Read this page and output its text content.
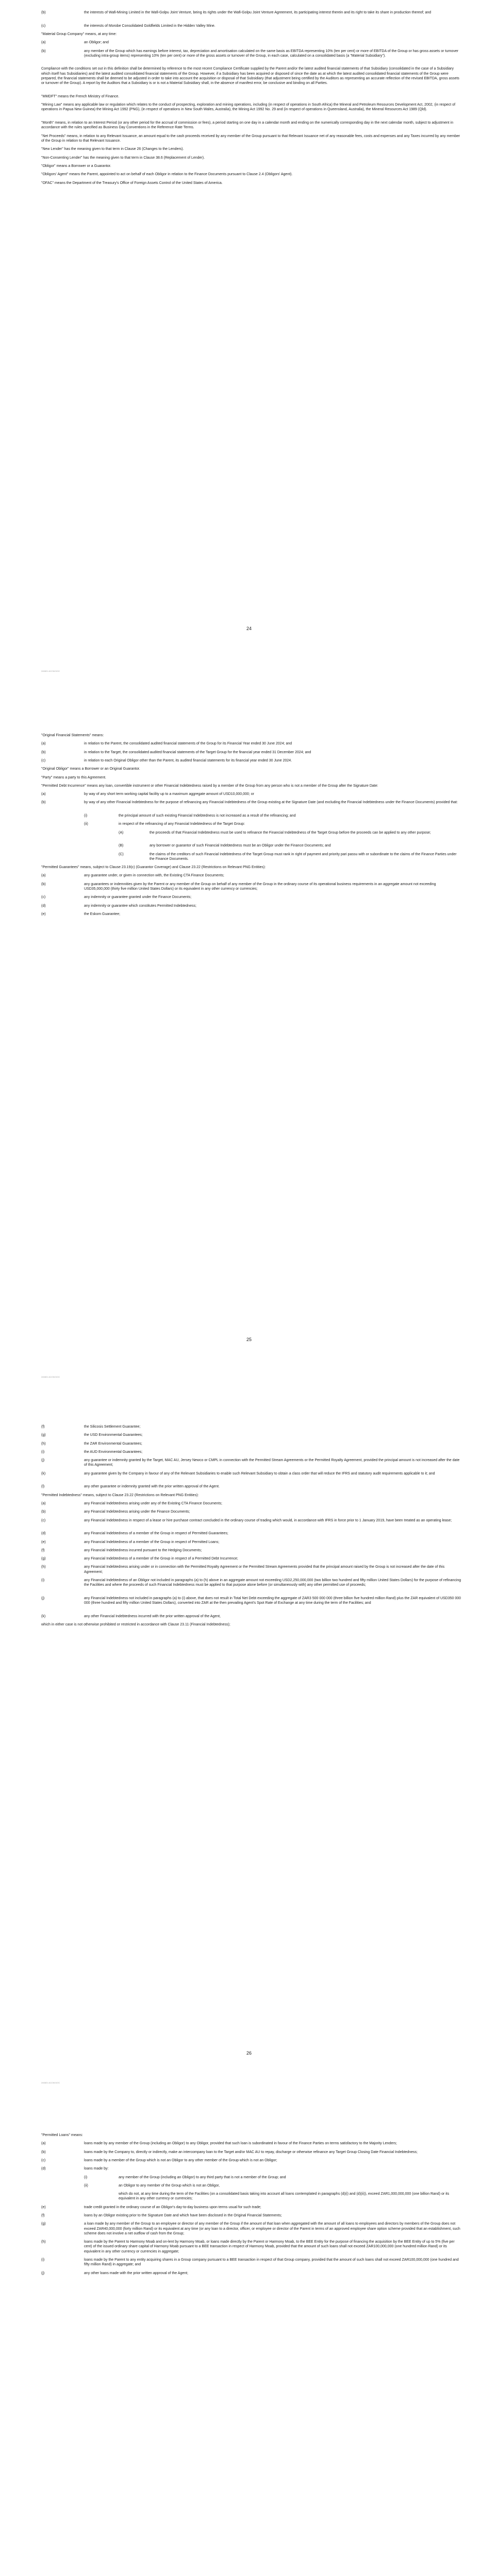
(b)	the interests of Wafi-Mining Limited in the Wafi-Golpu Joint Venture, being its rights under the Wafi-Golpu Joint Venture Agreement, its participating interest therein and its right to take its share in production thereof; and
(c)	the interests of Morobe Consolidated Goldfields Limited in the Hidden Valley Mine.
"Material Group Company" means, at any time:
(a)	an Obligor; and
(b)	any member of the Group which has earnings before interest, tax, depreciation and amortisation calculated on the same basis as EBITDA representing 10% (ten per cent) or more of EBITDA of the Group or has gross assets or turnover (excluding intra-group items) representing 10% (ten per cent) or more of the gross assets or turnover of the Group, in each case, calculated on a consolidated basis (a "Material Subsidiary").
Compliance with the conditions set out in this definition shall be determined by reference to the most recent Compliance Certificate supplied by the Parent and/or the latest audited financial statements of that Subsidiary (consolidated in the case of a Subsidiary which itself has Subsidiaries) and the latest audited consolidated financial statements of the Group. However, if a Subsidiary has been acquired or disposed of since the date as at which the latest audited consolidated financial statements of the Group were prepared, the financial statements shall be deemed to be adjusted in order to take into account the acquisition or disposal of that Subsidiary (that adjustment being certified by the Auditors as representing an accurate reflection of the revised EBITDA, gross assets or turnover of the Group). A report by the Auditors that a Subsidiary is or is not a Material Subsidiary shall, in the absence of manifest error, be conclusive and binding on all Parties.
"MMDFT" means the French Ministry of Finance.
"Mining Law" means any applicable law or regulation which relates to the conduct of prospecting, exploration and mining operations, including (in respect of operations in South Africa) the Mineral and Petroleum Resources Development Act, 2002, (in respect of operations in Papua New Guinea) the Mining Act 1992 (PNG), (in respect of operations in New South Wales, Australia), the Mining Act 1992 No. 29 and (in respect of operations in Queensland, Australia), the Mineral Resources Act 1989 (Qld).
"Month" means, in relation to an Interest Period (or any other period for the accrual of commission or fees), a period starting on one day in a calendar month and ending on the numerically corresponding day in the next calendar month, subject to adjustment in accordance with the rules specified as Business Day Conventions in the Reference Rate Terms.
"Net Proceeds" means, in relation to any Relevant Issuance, an amount equal to the cash proceeds received by any member of the Group pursuant to that Relevant Issuance net of any reasonable fees, costs and expenses and any Taxes incurred by any member of the Group in relation to that Relevant Issuance.
"New Lender" has the meaning given to that term in Clause 26 (Changes to the Lenders).
"Non-Consenting Lender" has the meaning given to that term in Clause 38.6 (Replacement of Lender).
"Obligor" means a Borrower or a Guarantor.
"Obligors' Agent" means the Parent, appointed to act on behalf of each Obligor in relation to the Finance Documents pursuant to Clause 2.4 (Obligors' Agent).
"OFAC" means the Department of the Treasury's Office of Foreign Assets Control of the United States of America.
24
240821 ACCW.DOC
"Original Financial Statements" means:
(a)	in relation to the Parent, the consolidated audited financial statements of the Group for its Financial Year ended 30 June 2024; and
(b)	in relation to the Target, the consolidated audited financial statements of the Target Group for the financial year ended 31 December 2024; and
(c)	in relation to each Original Obligor other than the Parent, its audited financial statements for its financial year ended 30 June 2024.
"Original Obligor" means a Borrower or an Original Guarantor.
"Party" means a party to this Agreement.
"Permitted Debt Incurrence" means any loan, convertible instrument or other Financial Indebtedness raised by a member of the Group from any person who is not a member of the Group after the Signature Date:
(a)	by way of any short term working capital facility up to a maximum aggregate amount of USD10,000,000; or
(b)	by way of any other Financial Indebtedness for the purpose of refinancing any Financial Indebtedness of the Group existing at the Signature Date (and excluding the Financial Indebtedness under the Finance Documents) provided that:
(i)	the principal amount of such existing Financial Indebtedness is not increased as a result of the refinancing; and
(ii)	in respect of the refinancing of any Financial Indebtedness of the Target Group:
(A)	the proceeds of that Financial Indebtedness must be used to refinance the Financial Indebtedness of the Target Group before the proceeds can be applied to any other purpose;
(B)	any borrower or guarantor of such Financial Indebtedness must be an Obligor under the Finance Documents; and
(C)	the claims of the creditors of such Financial Indebtedness of the Target Group must rank in right of payment and priority pari passu with or subordinate to the claims of the Finance Parties under the Finance Documents.
"Permitted Guarantees" means, subject to Clause 23.19(c) (Guarantor Coverage) and Clause 23.22 (Restrictions on Relevant PNG Entities):
(a)	any guarantee under, or given in connection with, the Existing CTA Finance Documents;
(b)	any guarantees or indemnities given by the Parent or any member of the Group on behalf of any member of the Group in the ordinary course of its operational business requirements in an aggregate amount not exceeding USD35,000,000 (thirty five million United States Dollars) or its equivalent in any other currency or currencies;
(c)	any indemnity or guarantee granted under the Finance Documents;
(d)	any indemnity or guarantee which constitutes Permitted Indebtedness;
(e)	the Eskom Guarantee;
25
240821 ACCW.DOC
(f)	the Silicosis Settlement Guarantee;
(g)	the USD Environmental Guarantees;
(h)	the ZAR Environmental Guarantees;
(i)	the AUD Environmental Guarantees;
(j)	any guarantee or indemnity granted by the Target, MAC AU, Jersey Newco or CMPL in connection with the Permitted Stream Agreements or the Permitted Royalty Agreement, provided the principal amount is not increased after the date of this Agreement;
(k)	any guarantee given by the Company in favour of any of the Relevant Subsidiaries to enable such Relevant Subsidiary to obtain a class order that will reduce the IFRS and statutory audit requirements applicable to it; and
(l)	any other guarantee or indemnity granted with the prior written approval of the Agent.
"Permitted Indebtedness" means, subject to Clause 23.22 (Restrictions on Relevant PNG Entities):
(a)	any Financial Indebtedness arising under any of the Existing CTA Finance Documents;
(b)	any Financial Indebtedness arising under the Finance Documents;
(c)	any Financial Indebtedness in respect of a lease or hire purchase contract concluded in the ordinary course of trading which would, in accordance with IFRS in force prior to 1 January 2019, have been treated as an operating lease;
(d)	any Financial Indebtedness of a member of the Group in respect of Permitted Guarantees;
(e)	any Financial Indebtedness of a member of the Group in respect of Permitted Loans;
(f)	any Financial Indebtedness incurred pursuant to the Hedging Documents;
(g)	any Financial Indebtedness of a member of the Group in respect of a Permitted Debt Incurrence;
(h)	any Financial Indebtedness arising under or in connection with the Permitted Royalty Agreement or the Permitted Stream Agreements provided that the principal amount raised by the Group is not increased after the date of this Agreement;
(i)	any Financial Indebtedness of an Obligor not included in paragraphs (a) to (h) above in an aggregate amount not exceeding USD2,250,000,000 (two billion two hundred and fifty million United States Dollars) for the purpose of refinancing the Facilities and where the proceeds of such Financial Indebtedness must be applied to that purpose alone before (or simultaneously with) any other permitted use of proceeds;
(j)	any Financial Indebtedness not included in paragraphs (a) to (i) above, that does not result in Total Net Debt exceeding the aggregate of ZAR3 500 000 000 (three billion five hundred million Rand) plus the ZAR equivalent of USD350 000 000 (three hundred and fifty million United States Dollars), converted into ZAR at the then prevailing Agent's Spot Rate of Exchange at any time during the term of the Facilities; and
(k)	any other Financial Indebtedness incurred with the prior written approval of the Agent,
which in either case is not otherwise prohibited or restricted in accordance with Clause 23.11 (Financial Indebtedness);
26
240821 ACCW.DOC
"Permitted Loans" means:
(a)	loans made by any member of the Group (including an Obligor) to any Obligor, provided that such loan is subordinated in favour of the Finance Parties on terms satisfactory to the Majority Lenders;
(b)	loans made by the Company to, directly or indirectly, make an intercompany loan to the Target and/or MAC AU to repay, discharge or otherwise refinance any Target Group Closing Date Financial Indebtedness;
(c)	loans made by a member of the Group which is not an Obligor to any other member of the Group which is not an Obligor;
(d)	loans made by:
(i)	any member of the Group (including an Obligor) to any third party that is not a member of the Group; and
(ii)	an Obligor to any member of the Group which is not an Obligor,
which do not, at any time during the term of the Facilities (on a consolidated basis taking into account all loans contemplated in paragraphs (d)(i) and (d)(ii)), exceed ZAR1,000,000,000 (one billion Rand) or its equivalent in any other currency or currencies;
(e)	trade credit granted in the ordinary course of an Obligor's day-to-day business upon terms usual for such trade;
(f)	loans by an Obligor existing prior to the Signature Date and which have been disclosed in the Original Financial Statements;
(g)	a loan made by any member of the Group to an employee or director of any member of the Group if the amount of that loan when aggregated with the amount of all loans to employees and directors by members of the Group does not exceed ZAR40,000,000 (forty million Rand) or its equivalent at any time (or any loan to a director, officer, or employee or director of the Parent in terms of an approved employee share option scheme provided that an establishment, such scheme does not involve a net outflow of cash from the Group;
(h)	loans made by the Parent to Harmony Moab and on-lent by Harmony Moab, or loans made directly by the Parent or Harmony Moab, to the BEE Entity for the purpose of financing the acquisition by the BEE Entity of up to 5% (five per cent) of the issued ordinary share capital of Harmony Moab pursuant to a BEE transaction in respect of Harmony Moab, provided that the amount of such loans shall not exceed ZAR100,000,000 (one hundred million Rand) or its equivalent in any other currency or currencies in aggregate;
(i)	loans made by the Parent to any entity acquiring shares in a Group company pursuant to a BEE transaction in respect of that Group company, provided that the amount of such loans shall not exceed ZAR100,000,000 (one hundred and fifty million Rand) in aggregate; and
(j)	any other loans made with the prior written approval of the Agent;
